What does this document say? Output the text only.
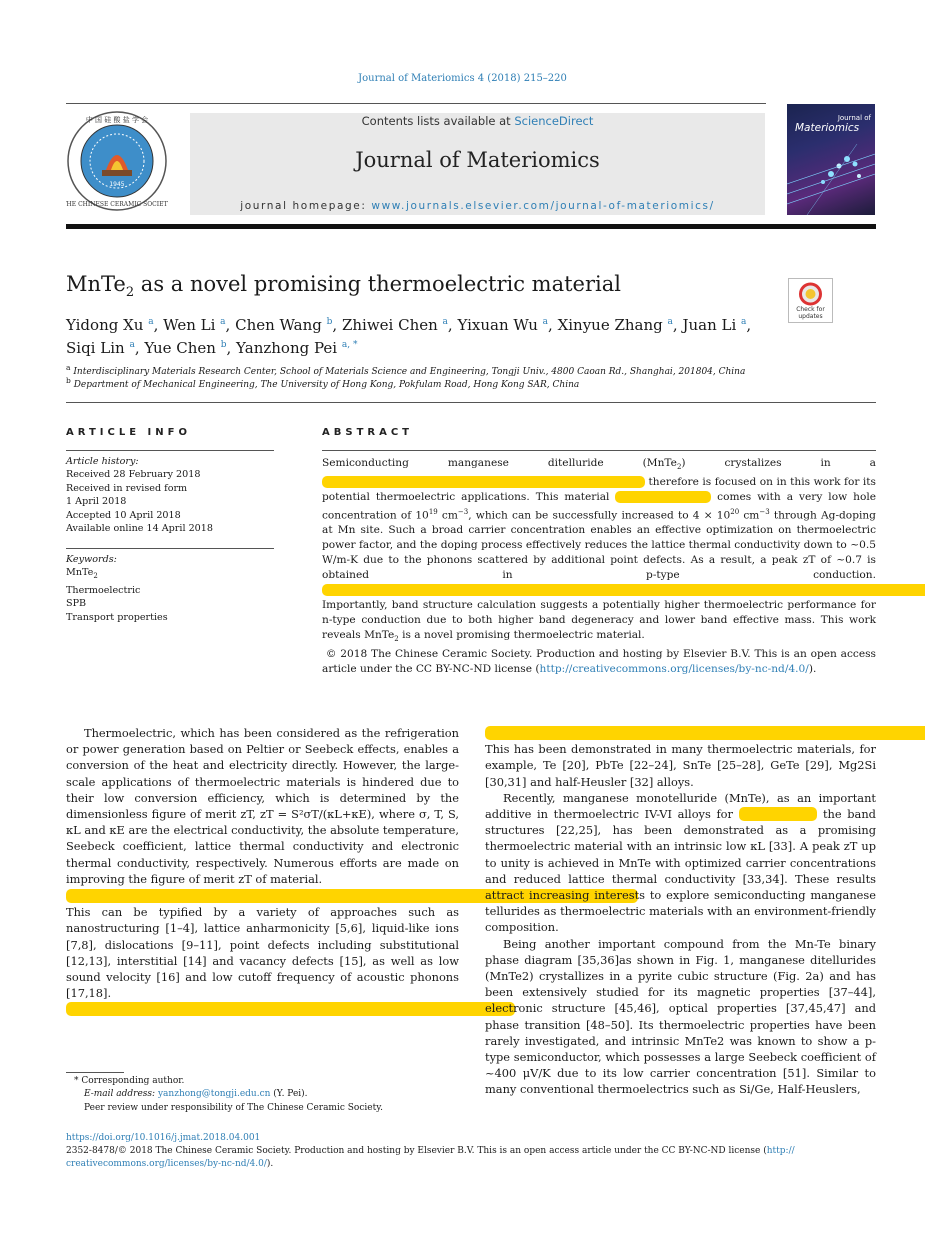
Journal of Materiomics 4 (2018) 215–220
1945
中 国 硅 酸 盐 学 会
THE CHINESE CERAMIC SOCIETY
Contents lists available at ScienceDirect
Journal of Materiomics
journal homepage: www.journals.elsevier.com/journal-of-materiomics/
Journal of
Materiomics
MnTe$_2$ as a novel promising thermoelectric material
Check for updates
Yidong Xu $^a$, Wen Li $^a$, Chen Wang $^b$, Zhiwei Chen $^a$, Yixuan Wu $^a$, Xinyue Zhang $^a$, Juan Li $^a$,
Siqi Lin $^a$, Yue Chen $^b$, Yanzhong Pei $^{a, *}$
$^a$ Interdisciplinary Materials Research Center, School of Materials Science and Engineering, Tongji Univ., 4800 Caoan Rd., Shanghai, 201804, China
$^b$ Department of Mechanical Engineering, The University of Hong Kong, Pokfulam Road, Hong Kong SAR, China
ARTICLE INFO
Article history:
Received 28 February 2018
Received in revised form
1 April 2018
Accepted 10 April 2018
Available online 14 April 2018
Keywords:
MnTe$_2$
Thermoelectric
SPB
Transport properties
ABSTRACT
Semiconducting manganese ditelluride (MnTe$_2$) crystalizes in a                                                                                              therefore is focused on in this work for its potential thermoelectric applications. This material	comes with a very low hole concentration of $10^{19}$ $cm^{-3}$, which can be successfully increased to $4 \times 10^{20}$ $cm^{-3}$ through Ag-doping at Mn site. Such a broad carrier concentration enables an effective optimization on thermoelectric power factor, and the doping process effectively reduces the lattice thermal conductivity down to ~0.5 W/m-K due to the phonons scattered by additional point defects. As a result, a peak zT of ~0.7 is obtained in p-type conduction.                                                                                                                                                                                                                                   Importantly, band structure calculation suggests a potentially higher thermoelectric performance for n-type conduction due to both higher band degeneracy and lower band effective mass. This work reveals MnTe$_2$ is a novel promising thermoelectric material.

© 2018 The Chinese Ceramic Society. Production and hosting by Elsevier B.V. This is an open access article under the CC BY-NC-ND license (http://creativecommons.org/licenses/by-nc-nd/4.0/).

Thermoelectric, which has been considered as the refrigeration or power generation based on Peltier or Seebeck effects, enables a conversion of the heat and electricity directly. However, the large-scale applications of thermoelectric materials is hindered due to their low conversion efficiency, which is determined by the dimensionless figure of merit zT, zT = S²σT/(κL+κE), where σ, T, S, κL and κE are the electrical conductivity, the absolute temperature, Seebeck coefficient, lattice thermal conductivity and electronic thermal conductivity, respectively. Numerous efforts are made on improving the figure of merit zT of material.

This can be typified by a variety of approaches such as nanostructuring [1–4], lattice anharmonicity [5,6], liquid-like ions [7,8], dislocations [9–11], point defects including substitutional [12,13], interstitial [14] and vacancy defects [15], as well as low sound velocity [16] and low cutoff frequency of acoustic phonons [17,18].

This has been demonstrated in many thermoelectric materials, for example, Te [20], PbTe [22–24], SnTe [25–28], GeTe [29], Mg2Si [30,31] and half-Heusler [32] alloys.

Recently, manganese monotelluride (MnTe), as an important additive in thermoelectric IV-VI alloys for	the band structures [22,25], has been demonstrated as a promising thermoelectric material with an intrinsic low κL [33]. A peak zT up to unity is achieved in MnTe with optimized carrier concentrations and reduced lattice thermal conductivity [33,34]. These results attract increasing interests to explore semiconducting manganese tellurides as thermoelectric materials with an environment-friendly composition.

Being another important compound from the Mn-Te binary phase diagram [35,36]as shown in Fig. 1, manganese ditellurides (MnTe2) crystallizes in a pyrite cubic structure (Fig. 2a) and has been extensively studied for its magnetic properties [37–44], electronic structure [45,46], optical properties [37,45,47] and phase transition [48–50]. Its thermoelectric properties have been rarely investigated, and intrinsic MnTe2 was known to show a p-type semiconductor, which possesses a large Seebeck coefficient of ~400 μV/K due to its low carrier concentration [51]. Similar to many conventional thermoelectrics such as Si/Ge, Half-Heuslers,

* Corresponding author.
E-mail address: yanzhong@tongji.edu.cn (Y. Pei).
Peer review under responsibility of The Chinese Ceramic Society.
https://doi.org/10.1016/j.jmat.2018.04.001
2352-8478/© 2018 The Chinese Ceramic Society. Production and hosting by Elsevier B.V. This is an open access article under the CC BY-NC-ND license (http://
creativecommons.org/licenses/by-nc-nd/4.0/).
